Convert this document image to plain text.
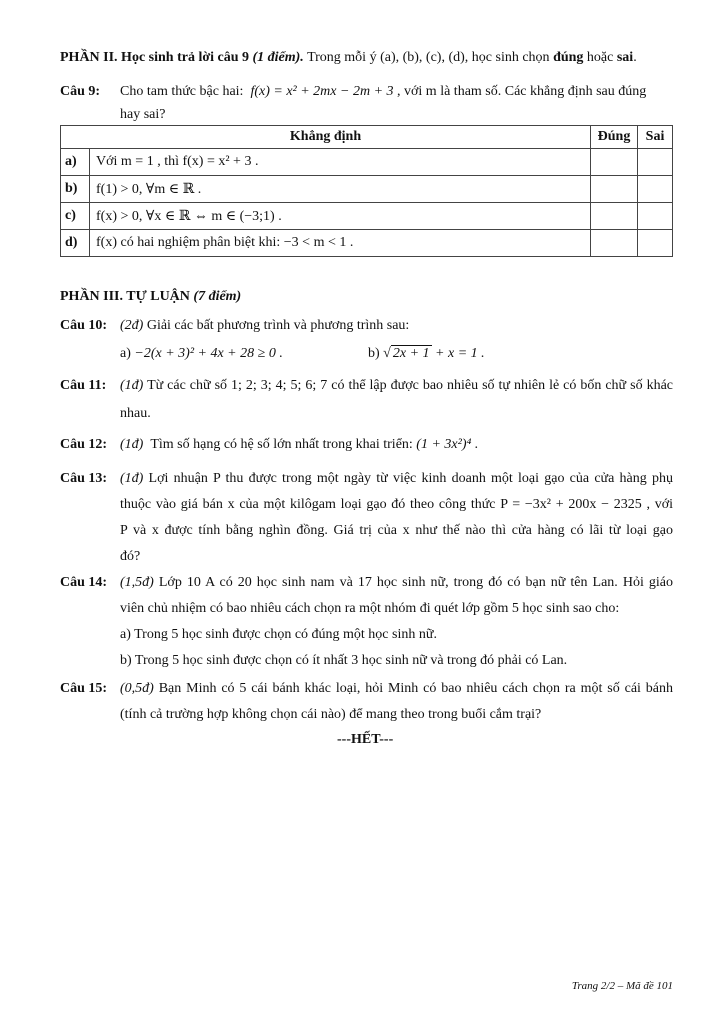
PHẦN II. Học sinh trả lời câu 9 (1 điểm). Trong mỗi ý (a), (b), (c), (d), học sinh chọn đúng hoặc sai.
Câu 9: Cho tam thức bậc hai: f(x) = x² + 2mx − 2m + 3 , với m là tham số. Các khẳng định sau đúng
hay sai?
Khẳng định		Đúng	Sai
a)	Với m = 1 , thì f(x) = x² + 3 .		
b)	f(1) > 0, ∀m ∈ ℝ .		
c)	f(x) > 0, ∀x ∈ ℝ ⇔ m ∈ (−3;1) .		
d)	f(x) có hai nghiệm phân biệt khi: −3 < m < 1 .		
PHẦN III. TỰ LUẬN (7 điểm)
Câu 10: (2đ) Giải các bất phương trình và phương trình sau:
a) −2(x + 3)² + 4x + 28 ≥ 0 .	b) √ 2x + 1 + x = 1 .
Câu 11: (1đ) Từ các chữ số 1; 2; 3; 4; 5; 6; 7 có thể lập được bao nhiêu số tự nhiên lẻ có bốn chữ số khác
nhau.
Câu 12: (1đ) Tìm số hạng có hệ số lớn nhất trong khai triển: (1 + 3x²)⁴ .
Câu 13: (1đ) Lợi nhuận P thu được trong một ngày từ việc kinh doanh một loại gạo của cửa hàng phụ
thuộc vào giá bán x của một kilôgam loại gạo đó theo công thức P = −3x² + 200x − 2325 , với
P và x được tính bằng nghìn đồng. Giá trị của x như thế nào thì cửa hàng có lãi từ loại gạo
đó?
Câu 14: (1,5đ) Lớp 10 A có 20 học sinh nam và 17 học sinh nữ, trong đó có bạn nữ tên Lan. Hỏi giáo
viên chủ nhiệm có bao nhiêu cách chọn ra một nhóm đi quét lớp gồm 5 học sinh sao cho:
a) Trong 5 học sinh được chọn có đúng một học sinh nữ.
b) Trong 5 học sinh được chọn có ít nhất 3 học sinh nữ và trong đó phải có Lan.
Câu 15: (0,5đ) Bạn Minh có 5 cái bánh khác loại, hỏi Minh có bao nhiêu cách chọn ra một số cái bánh
(tính cả trường hợp không chọn cái nào) để mang theo trong buổi cắm trại?
---HẾT---
Trang 2/2 – Mã đề 101
